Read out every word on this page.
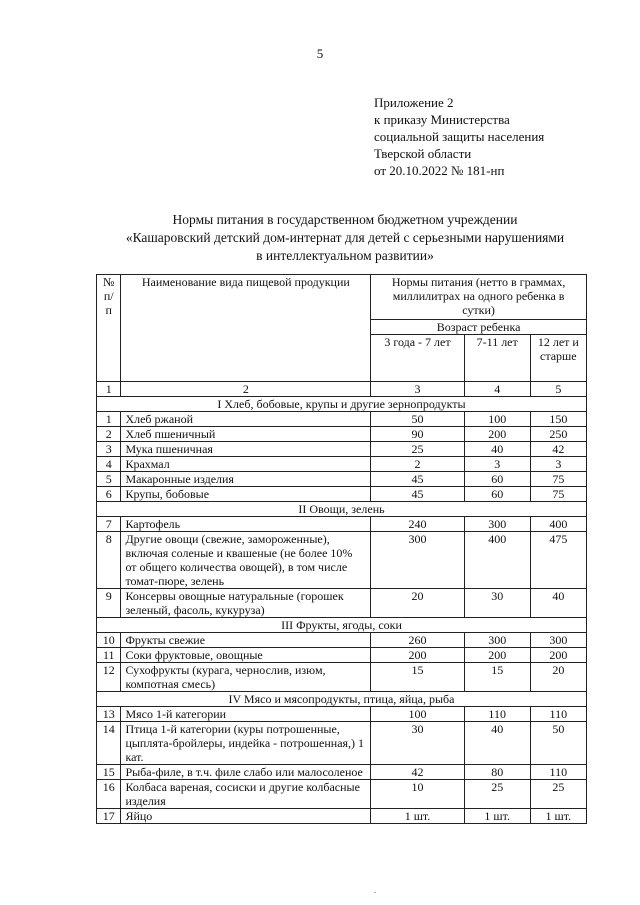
5
Приложение 2
к приказу Министерства
социальной защиты населения
Тверской области
от 20.10.2022 № 181-нп
Нормы питания в государственном бюджетном учреждении
«Кашаровский детский дом-интернат для детей с серьезными нарушениями
в интеллектуальном развитии»
№ п/п	Наименование вида пищевой продукции	Нормы питания (нетто в граммах, миллилитрах на одного ребенка в сутки)		
		Возраст ребенка		
		3 года - 7 лет	7-11 лет	12 лет и старше
1	2	3	4	5
I Хлеб, бобовые, крупы и другие зернопродукты				
1	Хлеб ржаной	50	100	150
2	Хлеб пшеничный	90	200	250
3	Мука пшеничная	25	40	42
4	Крахмал	2	3	3
5	Макаронные изделия	45	60	75
6	Крупы, бобовые	45	60	75
II Овощи, зелень				
7	Картофель	240	300	400
8	Другие овощи (свежие, замороженные), включая соленые и квашеные (не более 10% от общего количества овощей), в том числе томат-пюре, зелень	300	400	475
9	Консервы овощные натуральные (горошек зеленый, фасоль, кукуруза)	20	30	40
III Фрукты, ягоды, соки				
10	Фрукты свежие	260	300	300
11	Соки фруктовые, овощные	200	200	200
12	Сухофрукты (курага, чернослив, изюм, компотная смесь)	15	15	20
IV Мясо и мясопродукты, птица, яйца, рыба				
13	Мясо 1-й категории	100	110	110
14	Птица 1-й категории (куры потрошенные, цыплята-бройлеры, индейка - потрошенная,) 1 кат.	30	40	50
15	Рыба-филе, в т.ч. филе слабо или малосоленое	42	80	110
16	Колбаса вареная, сосиски и другие колбасные изделия	10	25	25
17	Яйцо	1 шт.	1 шт.	1 шт.
.
